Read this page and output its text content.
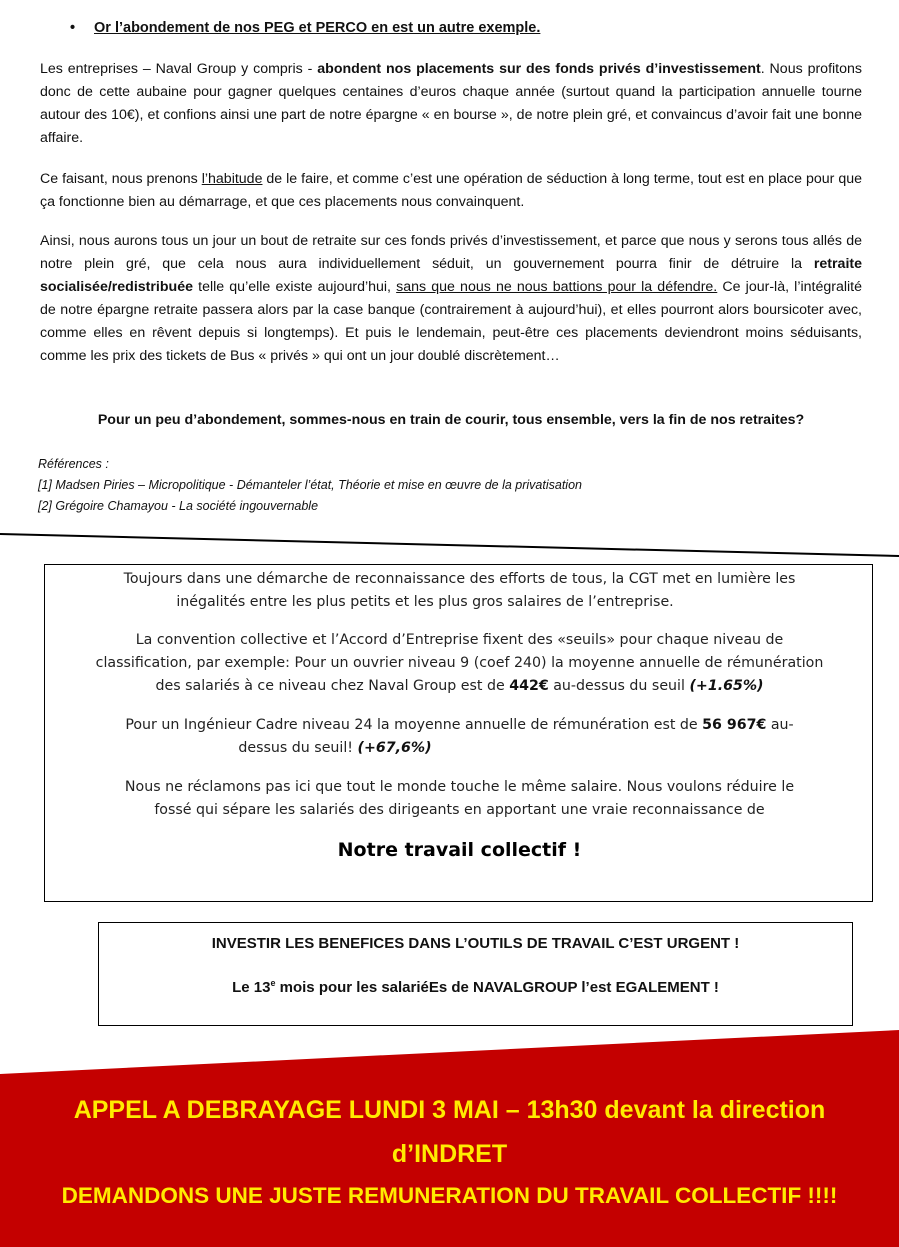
• Or l’abondement de nos PEG et PERCO en est un autre exemple.

Les entreprises – Naval Group y compris - abondent nos placements sur des fonds privés d’investissement. Nous profitons donc de cette aubaine pour gagner quelques centaines d’euros chaque année (surtout quand la participation annuelle tourne autour des 10€), et confions ainsi une part de notre épargne « en bourse », de notre plein gré, et convaincus d’avoir fait une bonne affaire.

Ce faisant, nous prenons l’habitude de le faire, et comme c’est une opération de séduction à long terme, tout est en place pour que ça fonctionne bien au démarrage, et que ces placements nous convainquent.

Ainsi, nous aurons tous un jour un bout de retraite sur ces fonds privés d’investissement, et parce que nous y serons tous allés de notre plein gré, que cela nous aura individuellement séduit, un gouvernement pourra finir de détruire la retraite socialisée/redistribuée telle qu’elle existe aujourd’hui, sans que nous ne nous battions pour la défendre. Ce jour-là, l’intégralité de notre épargne retraite passera alors par la case banque (contrairement à aujourd’hui), et elles pourront alors boursicoter avec, comme elles en rêvent depuis si longtemps). Et puis le lendemain, peut-être ces placements deviendront moins séduisants, comme les prix des tickets de Bus « privés » qui ont un jour doublé discrètement…

Pour un peu d’abondement, sommes-nous en train de courir, tous ensemble, vers la fin de nos retraites?
Références :
[1] Madsen Piries – Micropolitique - Démanteler l’état, Théorie et mise en œuvre de la privatisation
[2] Grégoire Chamayou - La société ingouvernable

Toujours dans une démarche de reconnaissance des efforts de tous, la CGT met en lumière les

inégalités entre les plus petits et les plus gros salaires de l’entreprise.

La convention collective et l’Accord d’Entreprise fixent des «seuils» pour chaque niveau de

classification, par exemple: Pour un ouvrier niveau 9 (coef 240) la moyenne annuelle de rémunération

des salariés à ce niveau chez Naval Group est de 442€ au-dessus du seuil (+1.65%)

Pour un Ingénieur Cadre niveau 24 la moyenne annuelle de rémunération est de 56 967€ au-

dessus du seuil! (+67,6%)

Nous ne réclamons pas ici que tout le monde touche le même salaire. Nous voulons réduire le

fossé qui sépare les salariés des dirigeants en apportant une vraie reconnaissance de

Notre travail collectif !

INVESTIR LES BENEFICES DANS L’OUTILS DE TRAVAIL C’EST URGENT !
Le 13e mois pour les salariéEs de NAVALGROUP l’est EGALEMENT !
APPEL A DEBRAYAGE LUNDI 3 MAI – 13h30 devant la direction
d’INDRET
DEMANDONS UNE JUSTE REMUNERATION DU TRAVAIL COLLECTIF !!!!
